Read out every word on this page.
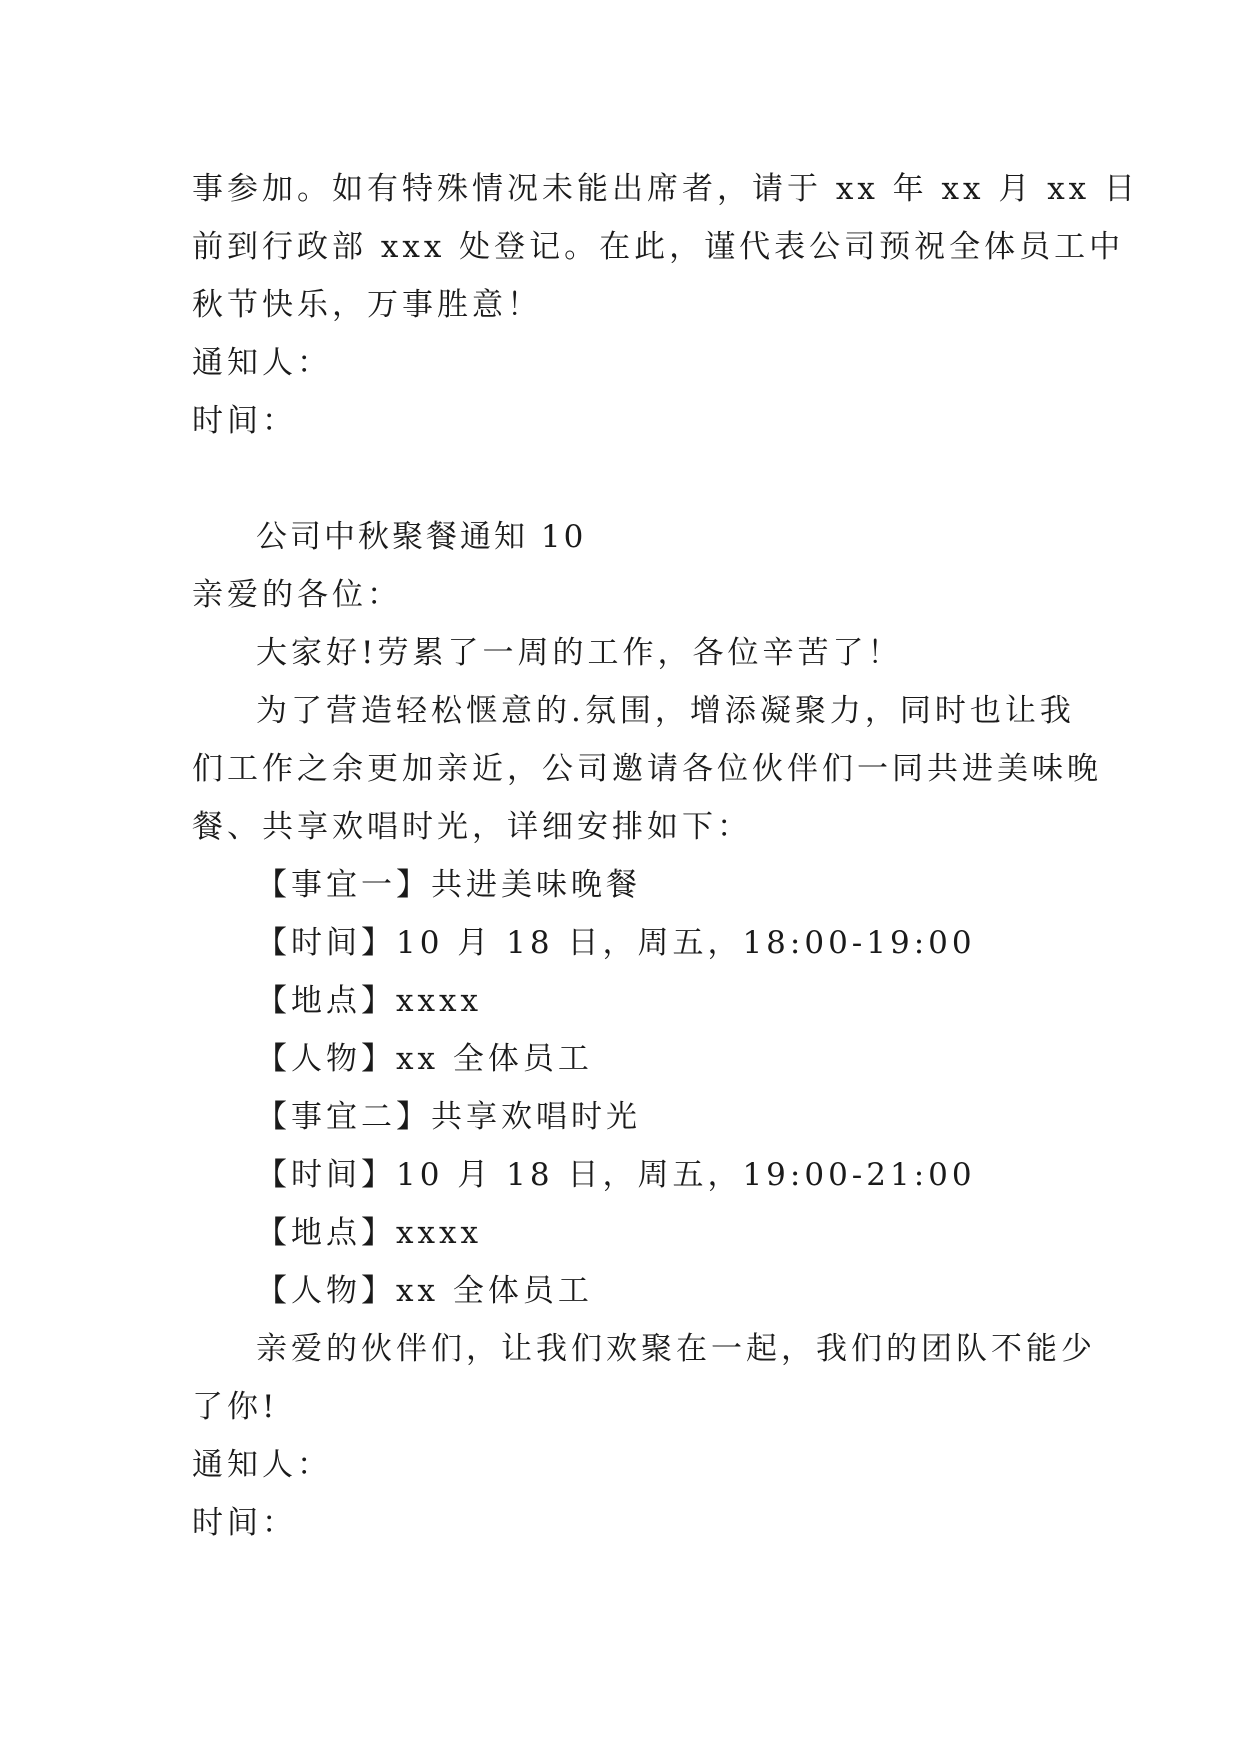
事参加。如有特殊情况未能出席者，请于 xx 年 xx 月 xx 日
前到行政部 xxx 处登记。在此，谨代表公司预祝全体员工中
秋节快乐，万事胜意！
通知人：
时间：
公司中秋聚餐通知 10
亲爱的各位：
大家好!劳累了一周的工作，各位辛苦了！
为了营造轻松惬意的.氛围，增添凝聚力，同时也让我
们工作之余更加亲近，公司邀请各位伙伴们一同共进美味晚
餐、共享欢唱时光，详细安排如下：
【事宜一】共进美味晚餐
【时间】10 月 18 日，周五，18:00-19:00
【地点】xxxx
【人物】xx 全体员工
【事宜二】共享欢唱时光
【时间】10 月 18 日，周五，19:00-21:00
【地点】xxxx
【人物】xx 全体员工
亲爱的伙伴们，让我们欢聚在一起，我们的团队不能少
了你!
通知人：
时间：
